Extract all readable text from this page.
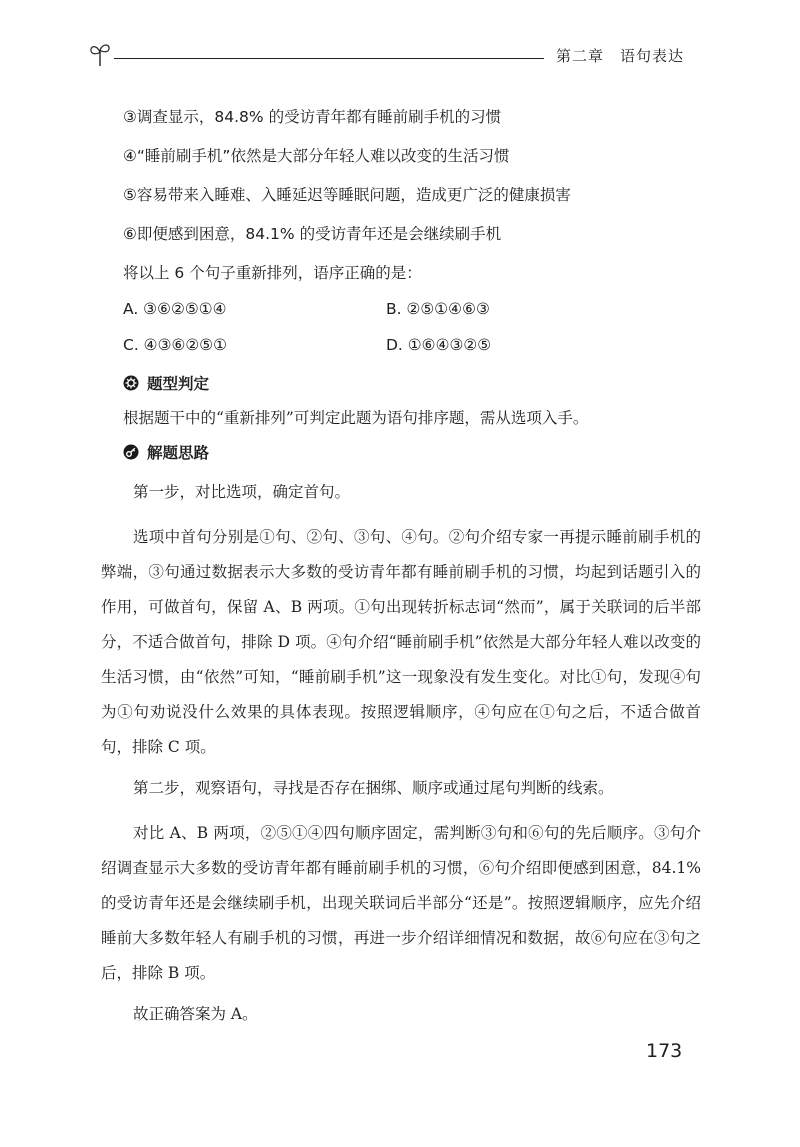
第二章　语句表达
③调查显示，84.8% 的受访青年都有睡前刷手机的习惯
④“睡前刷手机”依然是大部分年轻人难以改变的生活习惯
⑤容易带来入睡难、入睡延迟等睡眠问题，造成更广泛的健康损害
⑥即便感到困意，84.1% 的受访青年还是会继续刷手机
将以上 6 个句子重新排列，语序正确的是：
A. ③⑥②⑤①④	B. ②⑤①④⑥③
C. ④③⑥②⑤①	D. ①⑥④③②⑤
题型判定
根据题干中的“重新排列”可判定此题为语句排序题，需从选项入手。
解题思路

第一步，对比选项，确定首句。

选项中首句分别是①句、②句、③句、④句。②句介绍专家一再提示睡前刷手机的弊端，③句通过数据表示大多数的受访青年都有睡前刷手机的习惯，均起到话题引入的作用，可做首句，保留 A、B 两项。①句出现转折标志词“然而”，属于关联词的后半部分，不适合做首句，排除 D 项。④句介绍“睡前刷手机”依然是大部分年轻人难以改变的生活习惯，由“依然”可知，“睡前刷手机”这一现象没有发生变化。对比①句，发现④句为①句劝说没什么效果的具体表现。按照逻辑顺序，④句应在①句之后，不适合做首句，排除 C 项。

第二步，观察语句，寻找是否存在捆绑、顺序或通过尾句判断的线索。

对比 A、B 两项，②⑤①④四句顺序固定，需判断③句和⑥句的先后顺序。③句介绍调查显示大多数的受访青年都有睡前刷手机的习惯，⑥句介绍即便感到困意，84.1% 的受访青年还是会继续刷手机，出现关联词后半部分“还是”。按照逻辑顺序，应先介绍睡前大多数年轻人有刷手机的习惯，再进一步介绍详细情况和数据，故⑥句应在③句之后，排除 B 项。

故正确答案为 A。

173
